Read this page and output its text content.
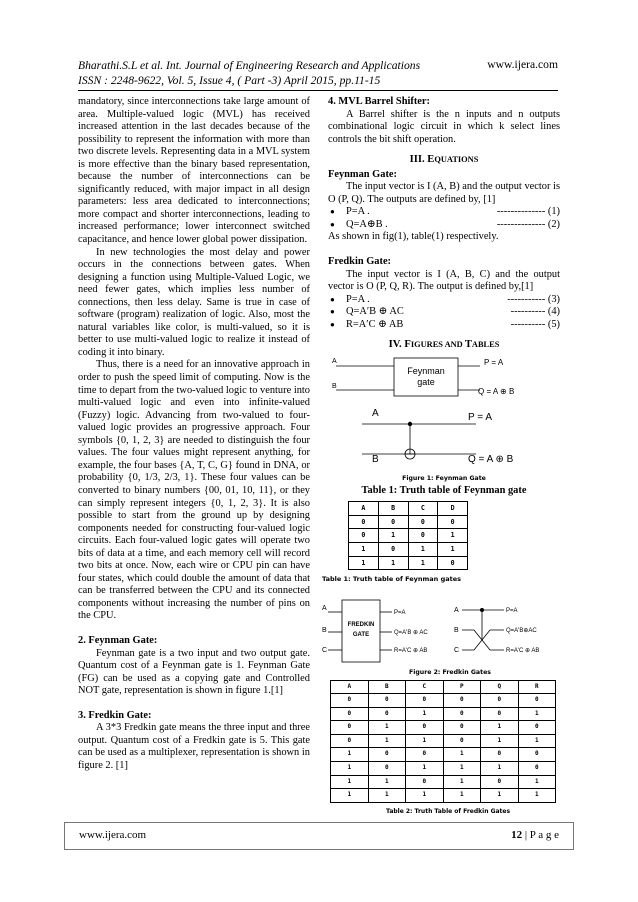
Bharathi.S.L et al. Int. Journal of Engineering Research and Applications
ISSN : 2248-9622, Vol. 5, Issue 4, ( Part -3) April 2015, pp.11-15
www.ijera.com

mandatory, since interconnections take large amount of area. Multiple-valued logic (MVL) has received increased attention in the last decades because of the possibility to represent the information with more than two discrete levels. Representing data in a MVL system is more effective than the binary based representation, because the number of interconnections can be significantly reduced, with major impact in all design parameters: less area dedicated to interconnections; more compact and shorter interconnections, leading to increased performance; lower interconnect switched capacitance, and hence lower global power dissipation.

In new technologies the most delay and power occurs in the connections between gates. When designing a function using Multiple-Valued Logic, we need fewer gates, which implies less number of connections, then less delay. Same is true in case of software (program) realization of logic. Also, most the natural variables like color, is multi-valued, so it is better to use multi-valued logic to realize it instead of coding it into binary.

Thus, there is a need for an innovative approach in order to push the speed limit of computing. Now is the time to depart from the two-valued logic to venture into multi-valued logic and even into infinite-valued (Fuzzy) logic. Advancing from two-valued to four-valued logic provides an progressive approach. Four symbols {0, 1, 2, 3} are needed to distinguish the four values. The four values might represent anything, for example, the four bases {A, T, C, G} found in DNA, or probability {0, 1/3, 2/3, 1}. These four values can be converted to binary numbers {00, 01, 10, 11}, or they can simply represent integers {0, 1, 2, 3}. It is also possible to start from the ground up by designing components needed for constructing four-valued logic circuits. Each four-valued logic gates will operate two bits of data at a time, and each memory cell will record two bits at once. Now, each wire or CPU pin can have four states, which could double the amount of data that can be transferred between the CPU and its connected components without increasing the number of pins on the CPU.

2. Feynman Gate:

Feynman gate is a two input and two output gate. Quantum cost of a Feynman gate is 1. Feynman Gate (FG) can be used as a copying gate and Controlled NOT gate, representation is shown in figure 1.[1]

3. Fredkin Gate:

A 3*3 Fredkin gate means the three input and three output. Quantum cost of a Fredkin gate is 5. This gate can be used as a multiplexer, representation is shown in figure 2. [1]

4. MVL Barrel Shifter:

A Barrel shifter is the n inputs and n outputs combinational logic circuit in which k select lines controls the bit shift operation.

III. EQUATIONS

Feynman Gate:

The input vector is I (A, B) and the output vector is O (P, Q). The outputs are defined by, [1]

●	P=A .	-------------- (1)
●	Q=A⊕B .	-------------- (2)

As shown in fig(1), table(1) respectively.

Fredkin Gate:

The input vector is I (A, B, C) and the output vector is O (P, Q, R). The output is defined by,[1]

●	P=A .	----------- (3)
●	Q=A′B ⊕ AC	---------- (4)
●	R=A′C ⊕ AB	---------- (5)
IV. FIGURES AND TABLES
A
B
Feynman
gate
P = A
Q = A ⊕ B
A
B
P = A
Q = A ⊕ B
Figure 1: Feynman Gate
Table 1: Truth table of Feynman gate
A	B	C	D
0	0	0	0
0	1	0	1
1	0	1	1
1	1	1	0
Table 1: Truth table of Feynman gates
A
B
C
FREDKIN
GATE
P=A
Q=A'B ⊕ AC
R=A'C ⊕ AB
A
B
C
P=A
Q=A'B⊕AC
R=A'C ⊕ AB
Figure 2: Fredkin Gates
A	B	C	P	Q	R
0	0	0	0	0	0
0	0	1	0	0	1
0	1	0	0	1	0
0	1	1	0	1	1
1	0	0	1	0	0
1	0	1	1	1	0
1	1	0	1	0	1
1	1	1	1	1	1
Table 2: Truth Table of Fredkin Gates
www.ijera.com	12 | P a g e
